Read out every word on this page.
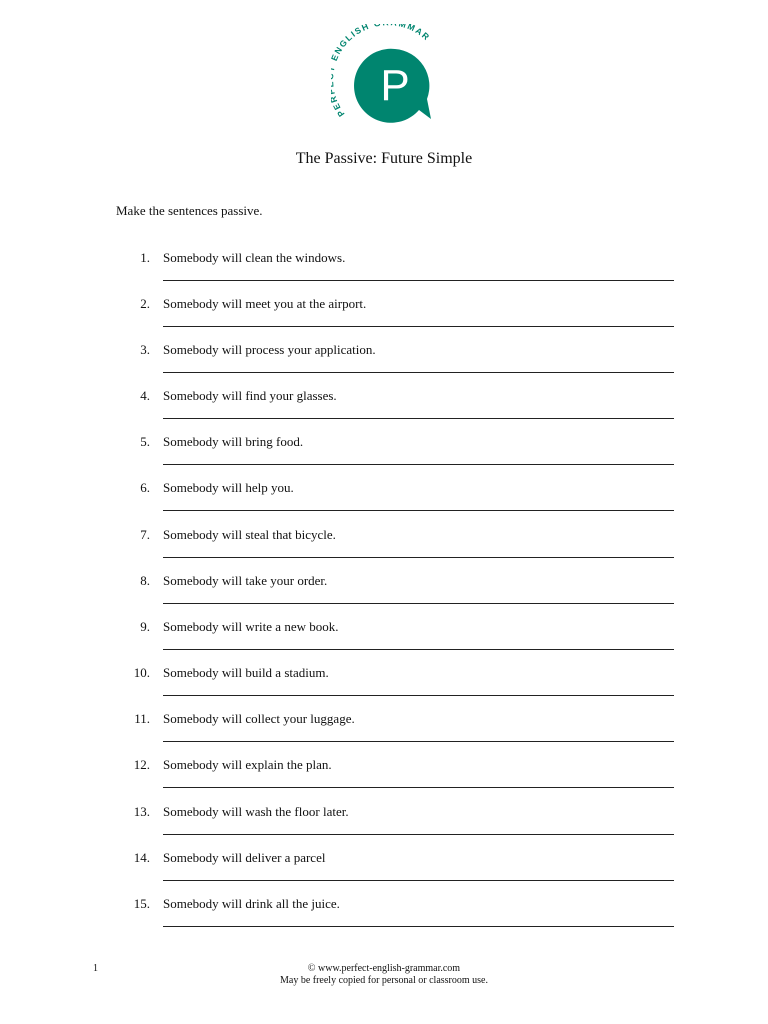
PE NGLISH MMAR
P
The Passive: Future Simple
Make the sentences passive.
1. Somebody will clean the windows.
2. Somebody will meet you at the airport.
3. Somebody will process your application.
4. Somebody will find your glasses.
5. Somebody will bring food.
6. Somebody will help you.
7. Somebody will steal that bicycle.
8. Somebody will take your order.
9. Somebody will write a new book.
10. Somebody will build a stadium.
11. Somebody will collect your luggage.
12. Somebody will explain the plan.
13. Somebody will wash the floor later.
14. Somebody will deliver a parcel
15. Somebody will drink all the juice.
1	© www.perfect-english-grammar.com
May be freely copied for personal or classroom use.
